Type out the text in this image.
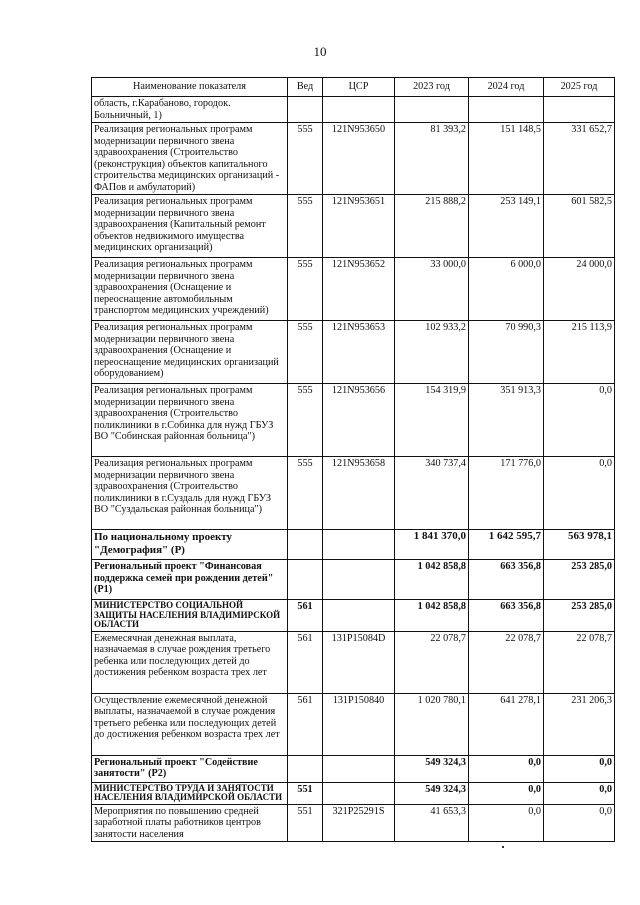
10
Наименование показателя	Вед	ЦСР	2023 год	2024 год	2025 год
область, г.Карабаново, городок. Больничный, 1)					
Реализация региональных программ модернизации первичного звена здравоохранения (Строительство (реконструкция) объектов капитального строительства медицинских организаций - ФАПов и амбулаторий)	555	121N953650	81 393,2	151 148,5	331 652,7
Реализация региональных программ модернизации первичного звена здравоохранения (Капитальный ремонт объектов недвижимого имущества медицинских организаций)	555	121N953651	215 888,2	253 149,1	601 582,5
Реализация региональных программ модернизации первичного звена здравоохранения (Оснащение и переоснащение автомобильным транспортом медицинских учреждений)	555	121N953652	33 000,0	6 000,0	24 000,0
Реализация региональных программ модернизации первичного звена здравоохранения (Оснащение и переоснащение медицинских организаций оборудованием)	555	121N953653	102 933,2	70 990,3	215 113,9
Реализация региональных программ модернизации первичного звена здравоохранения (Строительство поликлиники в г.Собинка для нужд ГБУЗ ВО "Собинская районная больница")	555	121N953656	154 319,9	351 913,3	0,0
Реализация региональных программ модернизации первичного звена здравоохранения (Строительство поликлиники в г.Суздаль для нужд ГБУЗ ВО "Суздальская районная больница")	555	121N953658	340 737,4	171 776,0	0,0
По национальному проекту "Демография" (Р)			1 841 370,0	1 642 595,7	563 978,1
Региональный проект "Финансовая поддержка семей при рождении детей" (Р1)			1 042 858,8	663 356,8	253 285,0
МИНИСТЕРСТВО СОЦИАЛЬНОЙ ЗАЩИТЫ НАСЕЛЕНИЯ ВЛАДИМИРСКОЙ ОБЛАСТИ	561		1 042 858,8	663 356,8	253 285,0
Ежемесячная денежная выплата, назначаемая в случае рождения третьего ребенка или последующих детей до достижения ребенком возраста трех лет	561	131P15084D	22 078,7	22 078,7	22 078,7
Осуществление ежемесячной денежной выплаты, назначаемой в случае рождения третьего ребенка или последующих детей до достижения ребенком возраста трех лет	561	131P150840	1 020 780,1	641 278,1	231 206,3
Региональный проект "Содействие занятости" (Р2)			549 324,3	0,0	0,0
МИНИСТЕРСТВО ТРУДА И ЗАНЯТОСТИ НАСЕЛЕНИЯ ВЛАДИМИРСКОЙ ОБЛАСТИ	551		549 324,3	0,0	0,0
Мероприятия по повышению средней заработной платы работников центров занятости населения	551	321P25291S	41 653,3	0,0	0,0
